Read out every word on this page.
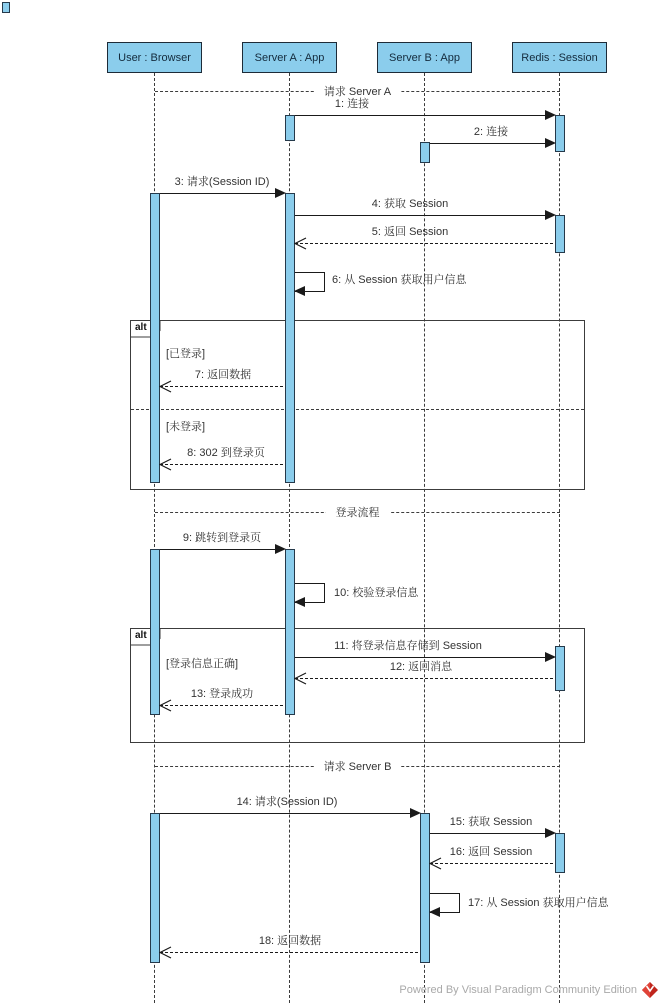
User : Browser	Server A : App	Server B : App	Redis : Session
请求 Server A
登录流程
请求 Server B
alt
alt
[已登录]
[未登录]
[登录信息正确]
1: 连接
2: 连接
3: 请求(Session ID)
4: 获取 Session
5: 返回 Session
6: 从 Session 获取用户信息
7: 返回数据
8: 302 到登录页
9: 跳转到登录页
10: 校验登录信息
11: 将登录信息存储到 Session
12: 返回消息
13: 登录成功
14: 请求(Session ID)
15: 获取 Session
16: 返回 Session
17: 从 Session 获取用户信息
18: 返回数据
Powered By Visual Paradigm Community Edition
